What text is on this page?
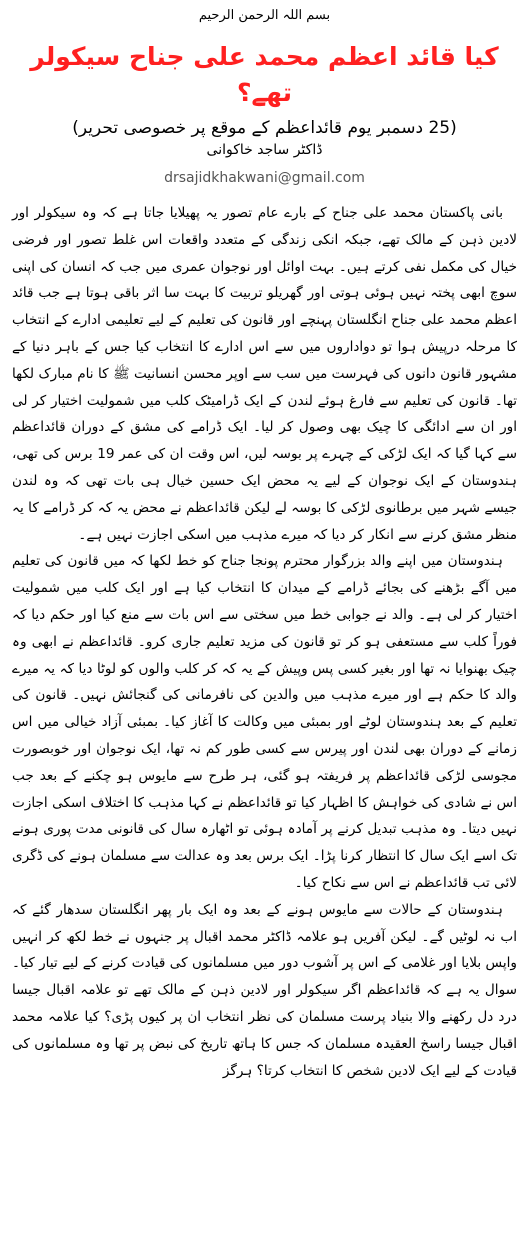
بسم اللہ الرحمن الرحیم
کیا قائد اعظم محمد علی جناح سیکولر تھے؟
(25 دسمبر یوم قائداعظم کے موقع پر خصوصی تحریر)
ڈاکٹر ساجد خاکوانی
drsajidkhakwani@gmail.com

بانی پاکستان محمد علی جناح کے بارے عام تصور یہ پھیلایا جاتا ہے کہ وہ سیکولر اور لادین ذہن کے مالک تھے، جبکہ انکی زندگی کے متعدد واقعات اس غلط تصور اور فرضی خیال کی مکمل نفی کرتے ہیں۔ بہت اوائل اور نوجوان عمری میں جب کہ انسان کی اپنی سوچ ابھی پختہ نہیں ہوئی ہوتی اور گھریلو تربیت کا بہت سا اثر باقی ہوتا ہے جب قائد اعظم محمد علی جناح انگلستان پہنچے اور قانون کی تعلیم کے لیے تعلیمی ادارے کے انتخاب کا مرحلہ درپیش ہوا تو دواداروں میں سے اس ادارے کا انتخاب کیا جس کے باہر دنیا کے مشہور قانون دانوں کی فہرست میں سب سے اوپر محسن انسانیت ﷺ کا نام مبارک لکھا تھا۔ قانون کی تعلیم سے فارغ ہوئے لندن کے ایک ڈرامیٹک کلب میں شمولیت اختیار کر لی اور ان سے ادائگی کا چیک بھی وصول کر لیا۔ ایک ڈرامے کی مشق کے دوران قائداعظم سے کہا گیا کہ ایک لڑکی کے چہرے پر بوسہ لیں، اس وقت ان کی عمر 19 برس کی تھی، ہندوستان کے ایک نوجوان کے لیے یہ محض ایک حسین خیال ہی بات تھی کہ وہ لندن جیسے شہر میں برطانوی لڑکی کا بوسہ لے لیکن قائداعظم نے محض یہ کہ کر ڈرامے کا یہ منظر مشق کرنے سے انکار کر دیا کہ میرے مذہب میں اسکی اجازت نہیں ہے۔

ہندوستان میں اپنے والد بزرگوار محترم پونجا جناح کو خط لکھا کہ میں قانون کی تعلیم میں آگے بڑھنے کی بجائے ڈرامے کے میدان کا انتخاب کیا ہے اور ایک کلب میں شمولیت اختیار کر لی ہے۔ والد نے جوابی خط میں سختی سے اس بات سے منع کیا اور حکم دیا کہ فوراً کلب سے مستعفی ہو کر تو قانون کی مزید تعلیم جاری کرو۔ قائداعظم نے ابھی وہ چیک بھنوایا نہ تھا اور بغیر کسی پس وپیش کے یہ کہ کر کلب والوں کو لوٹا دیا کہ یہ میرے والد کا حکم ہے اور میرے مذہب میں والدین کی نافرمانی کی گنجائش نہیں۔ قانون کی تعلیم کے بعد ہندوستان لوٹے اور بمبئی میں وکالت کا آغاز کیا۔ بمبئی آزاد خیالی میں اس زمانے کے دوران بھی لندن اور پیرس سے کسی طور کم نہ تھا، ایک نوجوان اور خوبصورت مجوسی لڑکی قائداعظم پر فریفتہ ہو گئی، ہر طرح سے مایوس ہو چکنے کے بعد جب اس نے شادی کی خواہش کا اظہار کیا تو قائداعظم نے کہا مذہب کا اختلاف اسکی اجازت نہیں دیتا۔ وہ مذہب تبدیل کرنے پر آمادہ ہوئی تو اٹھارہ سال کی قانونی مدت پوری ہونے تک اسے ایک سال کا انتظار کرنا پڑا۔ ایک برس بعد وہ عدالت سے مسلمان ہونے کی ڈگری لائی تب قائداعظم نے اس سے نکاح کیا۔

ہندوستان کے حالات سے مایوس ہونے کے بعد وہ ایک بار پھر انگلستان سدھار گئے کہ اب نہ لوٹیں گے۔ لیکن آفریں ہو علامہ ڈاکٹر محمد اقبال پر جنہوں نے خط لکھ کر انہیں واپس بلایا اور غلامی کے اس پر آشوب دور میں مسلمانوں کی قیادت کرنے کے لیے تیار کیا۔ سوال یہ ہے کہ قائداعظم اگر سیکولر اور لادین ذہن کے مالک تھے تو علامہ اقبال جیسا درد دل رکھنے والا بنیاد پرست مسلمان کی نظر انتخاب ان پر کیوں پڑی؟ کیا علامہ محمد اقبال جیسا راسخ العقیدہ مسلمان کہ جس کا ہاتھ تاریخ کی نبض پر تھا وہ مسلمانوں کی قیادت کے لیے ایک لادین شخص کا انتخاب کرتا؟ ہرگز
